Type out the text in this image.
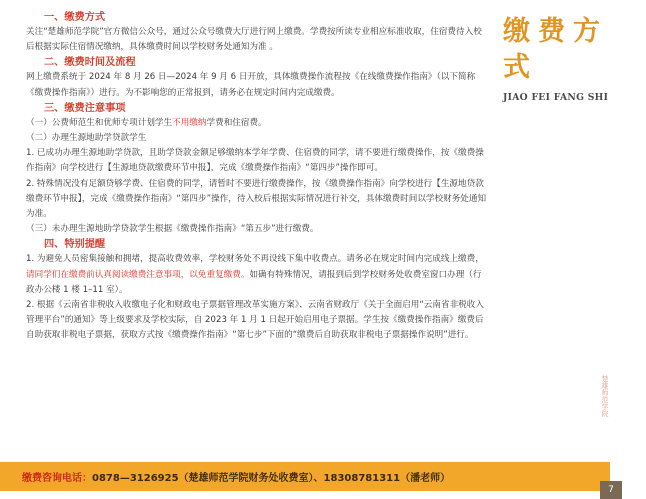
一、缴费方式

关注“楚雄师范学院”官方微信公众号，通过公众号缴费大厅进行网上缴费。学费按所读专业相应标准收取，住宿费待入校后根据实际住宿情况缴纳，具体缴费时间以学校财务处通知为准 。

二、缴费时间及流程

网上缴费系统于 2024 年 8 月 26 日—2024 年 9 月 6 日开放，具体缴费操作流程按《在线缴费操作指南》（以下简称《缴费操作指南》）进行。为不影响您的正常报到，请务必在规定时间内完成缴费。

三、缴费注意事项

（一）公费师范生和优师专项计划学生不用缴纳学费和住宿费。

（二）办理生源地助学贷款学生

1. 已成功办理生源地助学贷款，且助学贷款金额足够缴纳本学年学费、住宿费的同学，请不要进行缴费操作，按《缴费操作指南》向学校进行【生源地贷款缴费环节申报】，完成《缴费操作指南》“第四步”操作即可。

2. 特殊情况没有足额贷够学费、住宿费的同学，请暂时不要进行缴费操作，按《缴费操作指南》向学校进行【生源地贷款缴费环节申报】，完成《缴费操作指南》“第四步”操作，待入校后根据实际情况进行补交，具体缴费时间以学校财务处通知为准。

（三）未办理生源地助学贷款学生根据《缴费操作指南》“第五步”进行缴费。

四、特别提醒

1. 为避免人员密集接触和拥堵，提高收费效率，学校财务处不再设线下集中收费点。请务必在规定时间内完成线上缴费，请同学们在缴费前认真阅读缴费注意事项，以免重复缴费。如确有特殊情况，请报到后到学校财务处收费室窗口办理（行政办公楼 1 楼 1–11 室）。

2. 根据《云南省非税收入收缴电子化和财政电子票据管理改革实施方案》、云南省财政厅《关于全面启用“云南省非税收入管理平台”的通知》等上级要求及学校实际，自 2023 年 1 月 1 日起开始启用电子票据。学生按《缴费操作指南》缴费后自助获取非税电子票据，获取方式按《缴费操作指南》“第七步”下面的“缴费后自助获取非税电子票据操作说明”进行。

缴费方式
JIAO FEI FANG SHI
楚雄师范学院
缴费咨询电话：0878—3126925（楚雄师范学院财务处收费室）、18308781311（潘老师）
7
